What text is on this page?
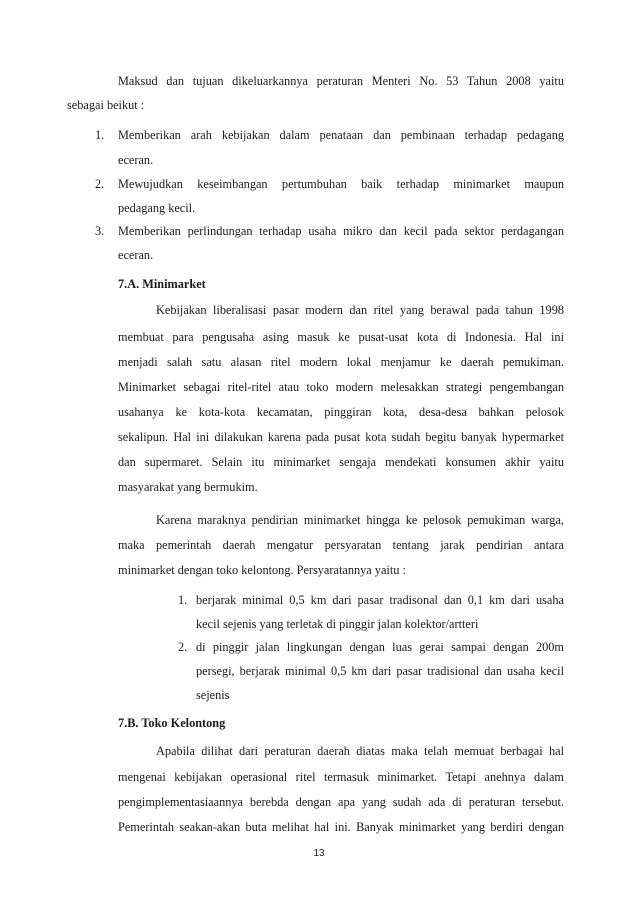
Maksud dan tujuan dikeluarkannya peraturan Menteri No. 53 Tahun 2008 yaitu
sebagai beikut :
1. Memberikan arah kebijakan dalam penataan dan pembinaan terhadap pedagang
eceran.
2. Mewujudkan keseimbangan pertumbuhan baik terhadap minimarket maupun
pedagang kecil.
3. Memberikan perlindungan terhadap usaha mikro dan kecil pada sektor perdagangan
eceran.
7.A. Minimarket
Kebijakan liberalisasi pasar modern dan ritel yang berawal pada tahun 1998
membuat para pengusaha asing masuk ke pusat-usat kota di Indonesia. Hal ini
menjadi salah satu alasan ritel modern lokal menjamur ke daerah pemukiman.
Minimarket sebagai ritel-ritel atau toko modern melesakkan strategi pengembangan
usahanya ke kota-kota kecamatan, pinggiran kota, desa-desa bahkan pelosok
sekalipun. Hal ini dilakukan karena pada pusat kota sudah begitu banyak hypermarket
dan supermaret. Selain itu minimarket sengaja mendekati konsumen akhir yaitu
masyarakat yang bermukim.
Karena maraknya pendirian minimarket hingga ke pelosok pemukiman warga,
maka pemerintah daerah mengatur persyaratan tentang jarak pendirian antara
minimarket dengan toko kelontong. Persyaratannya yaitu :
1. berjarak minimal 0,5 km dari pasar tradisonal dan 0,1 km dari usaha
kecil sejenis yang terletak di pinggir jalan kolektor/artteri
2. di pinggir jalan lingkungan dengan luas gerai sampai dengan 200m
persegi, berjarak minimal 0,5 km dari pasar tradisional dan usaha kecil
sejenis
7.B. Toko Kelontong
Apabila dilihat dari peraturan daerah diatas maka telah memuat berbagai hal
mengenai kebijakan operasional ritel termasuk minimarket. Tetapi anehnya dalam
pengimplementasiaannya berebda dengan apa yang sudah ada di peraturan tersebut.
Pemerintah seakan-akan buta melihat hal ini. Banyak minimarket yang berdiri dengan
13
